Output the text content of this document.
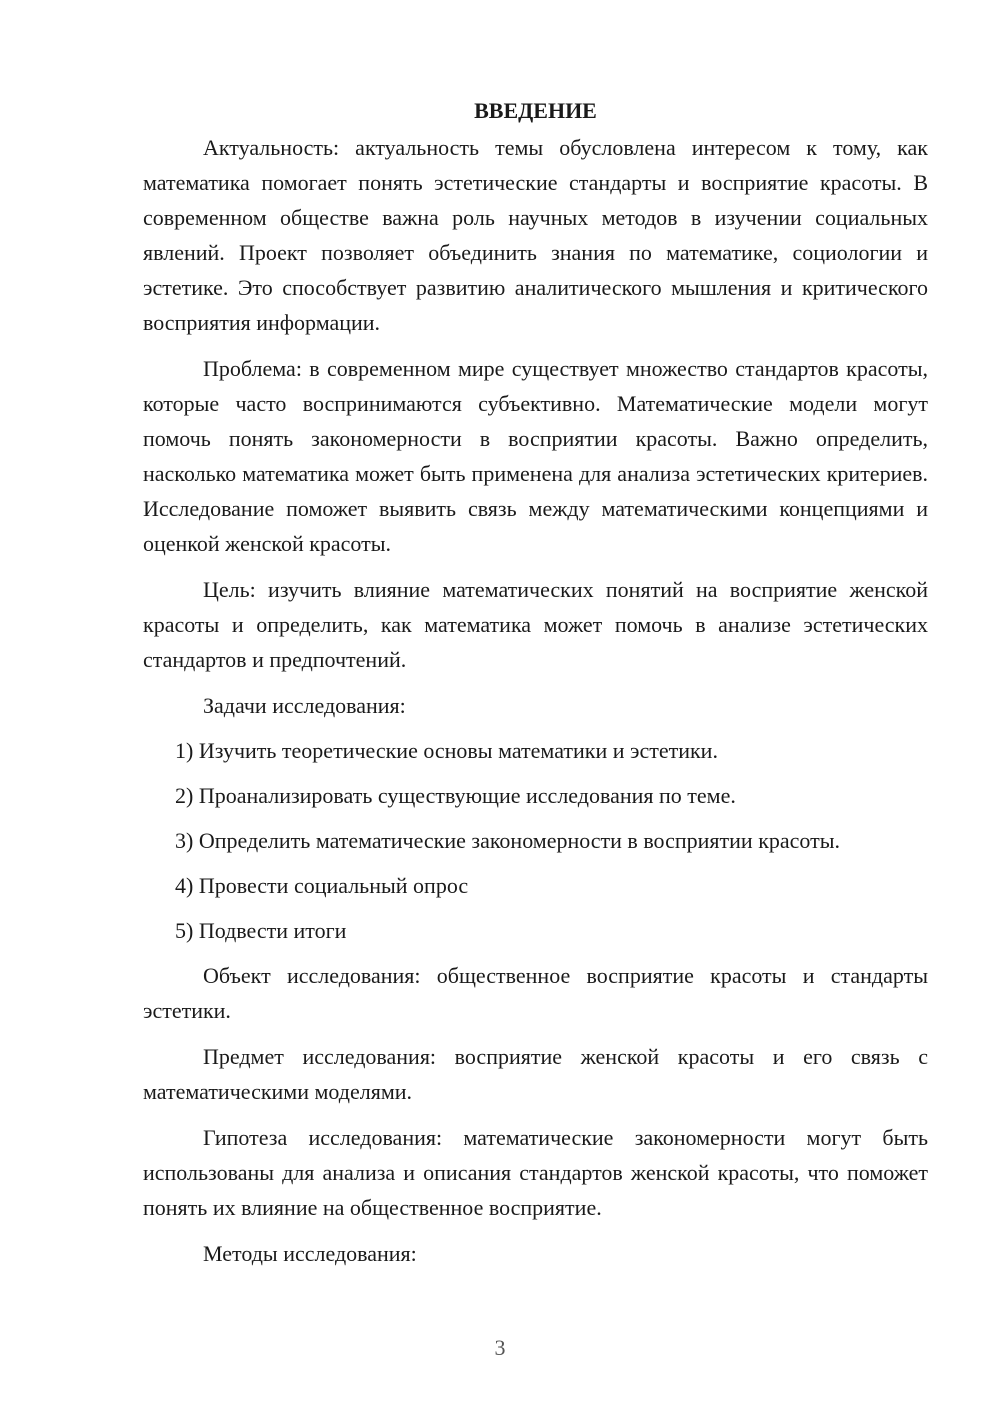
ВВЕДЕНИЕ

Актуальность: актуальность темы обусловлена интересом к тому, как математика помогает понять эстетические стандарты и восприятие красоты. В современном обществе важна роль научных методов в изучении социальных явлений. Проект позволяет объединить знания по математике, социологии и эстетике. Это способствует развитию аналитического мышления и критического восприятия информации.

Проблема: в современном мире существует множество стандартов красоты, которые часто воспринимаются субъективно. Математические модели могут помочь понять закономерности в восприятии красоты. Важно определить, насколько математика может быть применена для анализа эстетических критериев. Исследование поможет выявить связь между математическими концепциями и оценкой женской красоты.

Цель: изучить влияние математических понятий на восприятие женской красоты и определить, как математика может помочь в анализе эстетических стандартов и предпочтений.

Задачи исследования:

1) Изучить теоретические основы математики и эстетики.

2) Проанализировать существующие исследования по теме.

3) Определить математические закономерности в восприятии красоты.

4) Провести социальный опрос

5) Подвести итоги

Объект исследования: общественное восприятие красоты и стандарты эстетики.

Предмет исследования: восприятие женской красоты и его связь с математическими моделями.

Гипотеза исследования: математические закономерности могут быть использованы для анализа и описания стандартов женской красоты, что поможет понять их влияние на общественное восприятие.

Методы исследования:

3
